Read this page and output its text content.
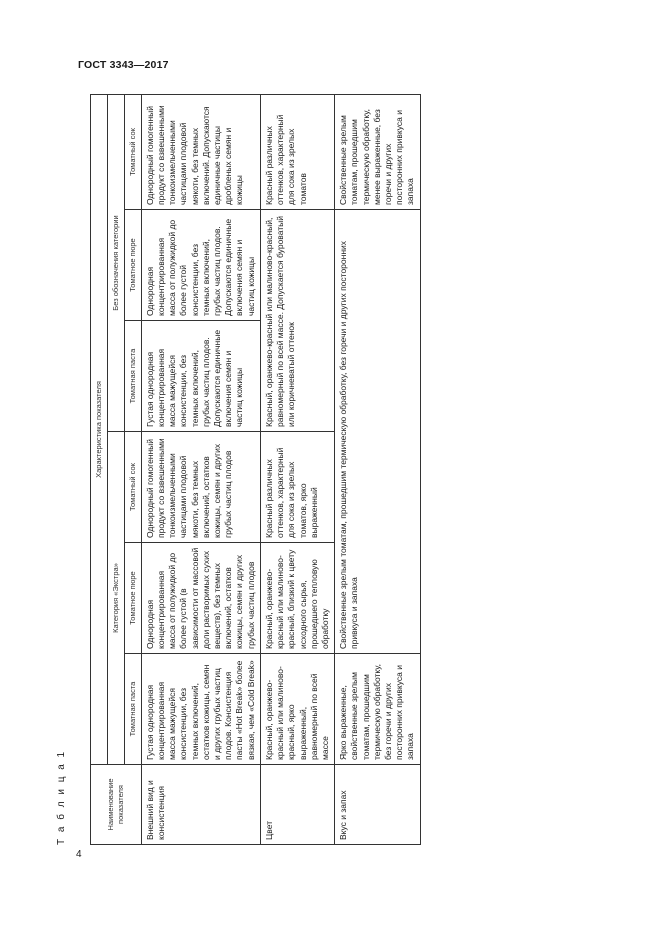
ГОСТ 3343—2017
4
Т а б л и ц а 1	Наименование показателя	Характеристика показателя					
	Категория «Экстра»			Без обозначения категории		
	Томатная паста	Томатное пюре	Томатный сок	Томатная паста	Томатное пюре	Томатный сок
Внешний вид и консистенция	Густая однородная концентрированная масса мажущейся консистенции, без темных включений, остатков кожицы, семян и других грубых частиц плодов. Консистенция пасты «Hot Break» более вязкая, чем «Cold Break»	Однородная концентрированная масса от полужидкой до более густой (в зависимости от массовой доли растворимых сухих веществ), без темных включений, остатков кожицы, семян и других грубых частиц плодов	Однородный гомогенный продукт со взвешенными тонкоизмельченными частицами плодовой мякоти, без темных включений, остатков кожицы, семян и других грубых частиц плодов	Густая однородная концентрированная масса мажущейся консистенции, без темных включений, грубых частиц плодов. Допускаются единичные включения семян и частиц кожицы	Однородная концентрированная масса от полужидкой до более густой консистенции, без темных включений, грубых частиц плодов. Допускаются единичные включения семян и частиц кожицы	Однородный гомогенный продукт со взвешенными тонкоизмельченными частицами плодовой мякоти, без темных включений. Допускаются единичные частицы дробленых семян и кожицы
Цвет	Красный, оранжево-красный или малиново-красный, ярко выраженный, равномерный по всей массе	Красный, оранжево-красный или малиново-красный, близкий к цвету исходного сырья, прошедшего тепловую обработку	Красный различных оттенков, характерный для сока из зрелых томатов, ярко выраженный	Красный, оранжево-красный или малиново-красный, равномерный по всей массе. Допускается буроватый или коричневатый оттенок		Красный различных оттенков, характерный для сока из зрелых томатов
Вкус и запах	Ярко выраженные, свойственные зрелым томатам, прошедшим термическую обработку, без горечи и других посторонних привкуса и запаха	Свойственные зрелым томатам, прошедшим термическую обработку, без горечи и других посторонних привкуса и запаха				Свойственные зрелым томатам, прошедшим термическую обработку, менее выраженные, без горечи и других посторонних привкуса и запаха
